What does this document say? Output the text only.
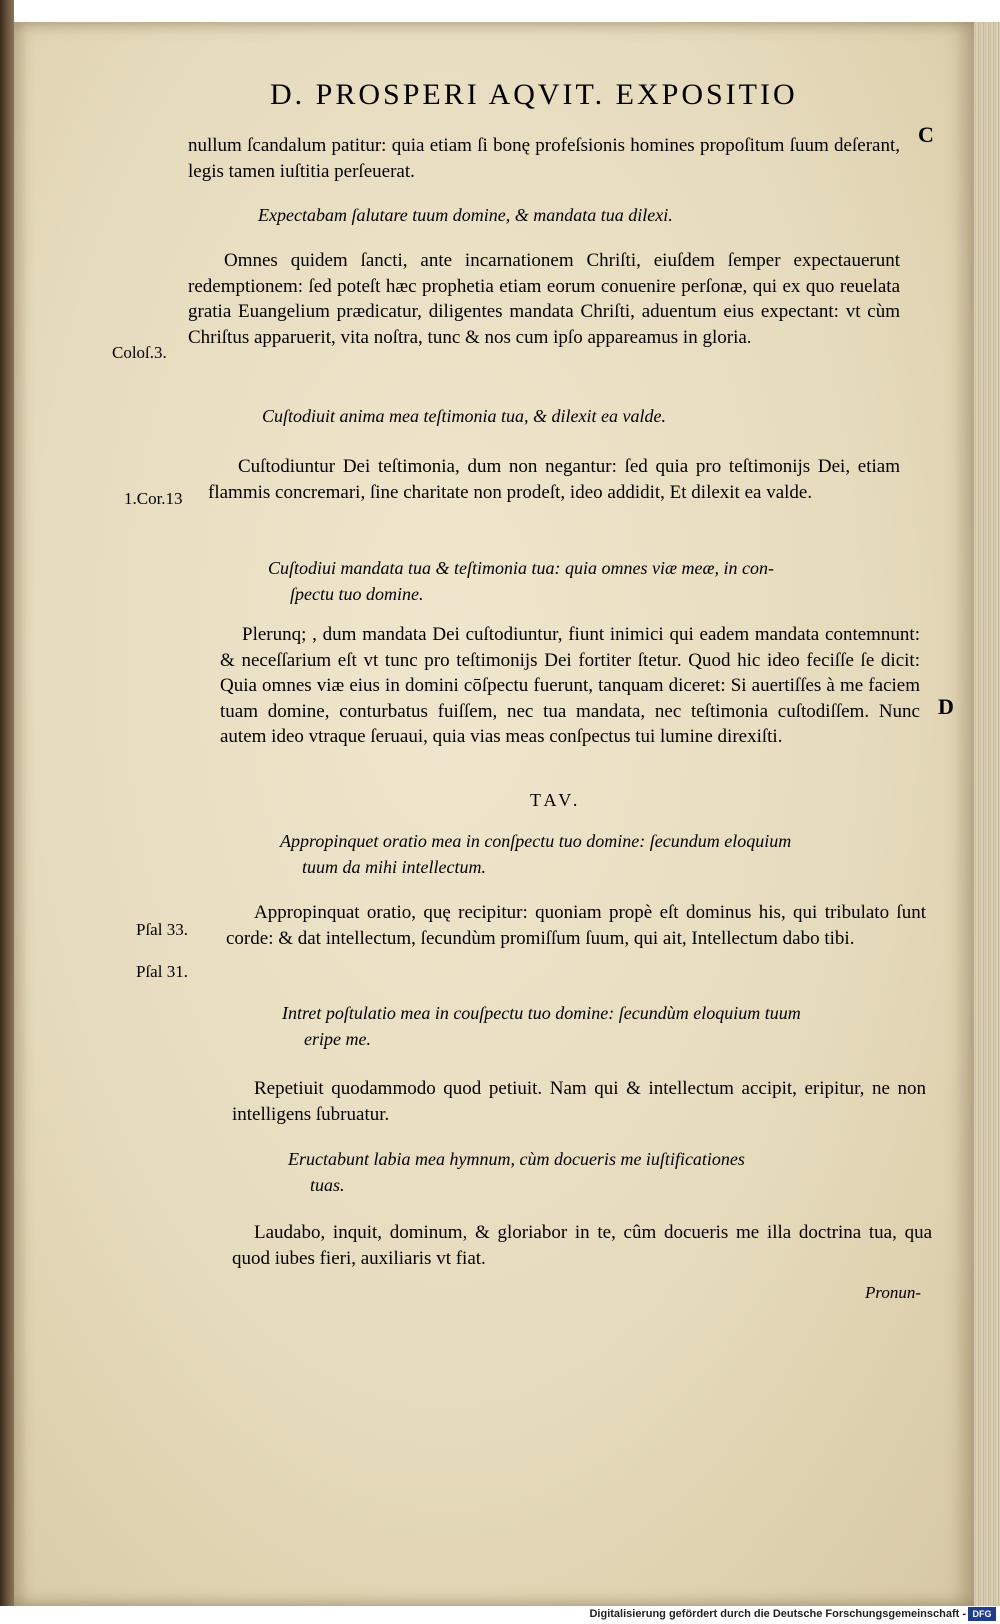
D. PROSPERI AQVIT. EXPOSITIO
C
D
nullum ſcandalum patitur: quia etiam ſi bonę profeſsionis homines propoſitum ſuum deſerant, legis tamen iuſtitia perſeuerat.
Expectabam ſalutare tuum domine, & mandata tua dilexi.
Omnes quidem ſancti, ante incarnationem Chriſti, eiuſdem ſemper expectauerunt redemptionem: ſed poteſt hæc prophetia etiam eorum conuenire perſonæ, qui ex quo reuelata gratia Euangelium prædicatur, diligentes mandata Chriſti, aduentum eius expectant: vt cùm Chriſtus apparuerit, vita noſtra, tunc & nos cum ipſo appareamus in gloria.
Coloſ.3.
Cuſtodiuit anima mea teſtimonia tua, & dilexit ea valde.
Cuſtodiuntur Dei teſtimonia, dum non negantur: ſed quia pro teſtimonijs Dei, etiam flammis concremari, ſine charitate non prodeſt, ideo addidit, Et dilexit ea valde.
1.Cor.13
Cuſtodiui mandata tua & teſtimonia tua: quia omnes viæ meæ, in con-
ſpectu tuo domine.
Plerunq; , dum mandata Dei cuſtodiuntur, fiunt inimici qui eadem mandata contemnunt: & neceſſarium eſt vt tunc pro teſtimonijs Dei fortiter ſtetur. Quod hic ideo feciſſe ſe dicit: Quia omnes viæ eius in domini cōſpectu fuerunt, tanquam diceret: Si auertiſſes à me faciem tuam domine, conturbatus fuiſſem, nec tua mandata, nec teſtimonia cuſtodiſſem. Nunc autem ideo vtraque ſeruaui, quia vias meas conſpectus tui lumine direxiſti.
TAV.
Appropinquet oratio mea in conſpectu tuo domine: ſecundum eloquium
tuum da mihi intellectum.
Appropinquat oratio, quę recipitur: quoniam propè eſt dominus his, qui tribulato ſunt corde: & dat intellectum, ſecundùm promiſſum ſuum, qui ait, Intellectum dabo tibi.
Pſal 33.
Pſal 31.
Intret poſtulatio mea in couſpectu tuo domine: ſecundùm eloquium tuum
eripe me.
Repetiuit quodammodo quod petiuit. Nam qui & intellectum accipit, eripitur, ne non intelligens ſubruatur.
Eructabunt labia mea hymnum, cùm docueris me iuſtificationes
tuas.
Laudabo, inquit, dominum, & gloriabor in te, cûm docueris me illa doctrina tua, qua quod iubes fieri, auxiliaris vt fiat.
Pronun-
Digitalisierung gefördert durch die Deutsche Forschungsgemeinschaft - DFG
